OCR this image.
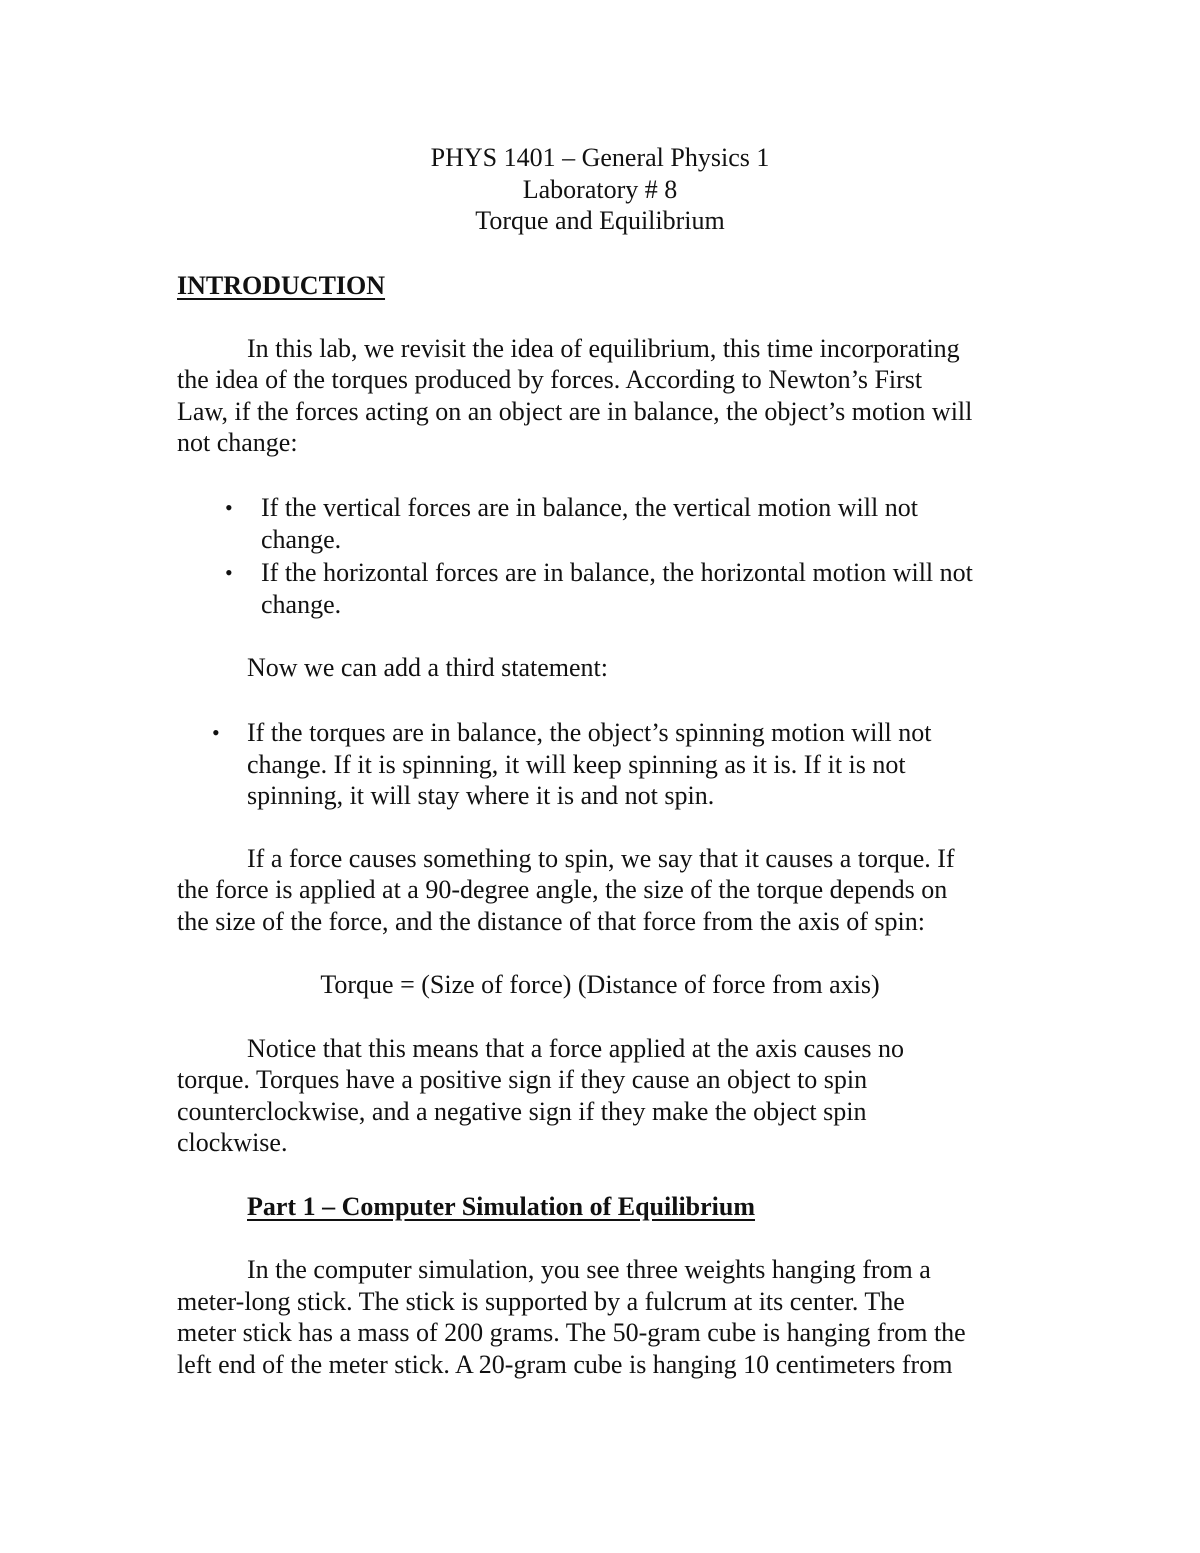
PHYS 1401 – General Physics 1

Laboratory # 8

Torque and Equilibrium

INTRODUCTION

In this lab, we revisit the idea of equilibrium, this time incorporating

the idea of the torques produced by forces. According to Newton’s First

Law, if the forces acting on an object are in balance, the object’s motion will

not change:

• If the vertical forces are in balance, the vertical motion will not

change.

• If the horizontal forces are in balance, the horizontal motion will not

change.

Now we can add a third statement:

• If the torques are in balance, the object’s spinning motion will not

change. If it is spinning, it will keep spinning as it is. If it is not

spinning, it will stay where it is and not spin.

If a force causes something to spin, we say that it causes a torque. If

the force is applied at a 90-degree angle, the size of the torque depends on

the size of the force, and the distance of that force from the axis of spin:

Torque = (Size of force) (Distance of force from axis)

Notice that this means that a force applied at the axis causes no

torque. Torques have a positive sign if they cause an object to spin

counterclockwise, and a negative sign if they make the object spin

clockwise.

Part 1 – Computer Simulation of Equilibrium

In the computer simulation, you see three weights hanging from a

meter-long stick. The stick is supported by a fulcrum at its center. The

meter stick has a mass of 200 grams. The 50-gram cube is hanging from the

left end of the meter stick. A 20-gram cube is hanging 10 centimeters from
